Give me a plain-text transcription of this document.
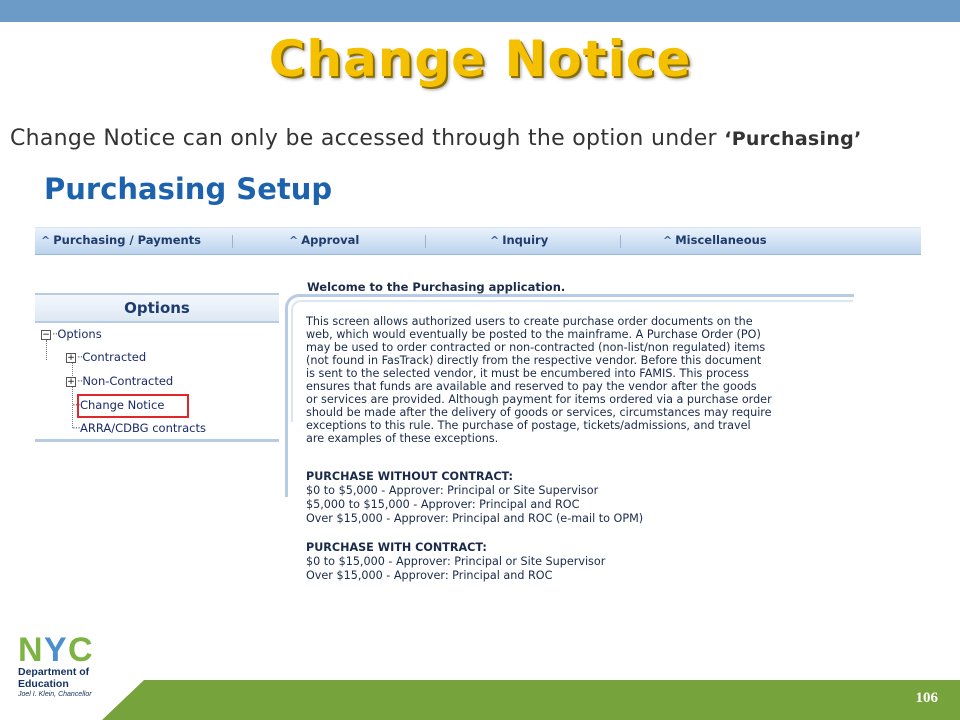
Change Notice
Change Notice can only be accessed through the option under ‘Purchasing’
Purchasing Setup
^ Purchasing / Payments	^ Approval	^ Inquiry	^ Miscellaneous
Options
− ··Options
+ ··Contracted
+ ··Non-Contracted
···Change Notice
···ARRA/CDBG contracts
Welcome to the Purchasing application.
This screen allows authorized users to create purchase order documents on the
web, which would eventually be posted to the mainframe. A Purchase Order (PO)
may be used to order contracted or non-contracted (non-list/non regulated) items
(not found in FasTrack) directly from the respective vendor. Before this document
is sent to the selected vendor, it must be encumbered into FAMIS. This process
ensures that funds are available and reserved to pay the vendor after the goods
or services are provided. Although payment for items ordered via a purchase order
should be made after the delivery of goods or services, circumstances may require
exceptions to this rule. The purchase of postage, tickets/admissions, and travel
are examples of these exceptions.
PURCHASE WITHOUT CONTRACT:
$0 to $5,000 - Approver: Principal or Site Supervisor
$5,000 to $15,000 - Approver: Principal and ROC
Over $15,000 - Approver: Principal and ROC (e-mail to OPM)
PURCHASE WITH CONTRACT:
$0 to $15,000 - Approver: Principal or Site Supervisor
Over $15,000 - Approver: Principal and ROC
106
N Y C
Department of
Education
Joel I. Klein, Chancellor
